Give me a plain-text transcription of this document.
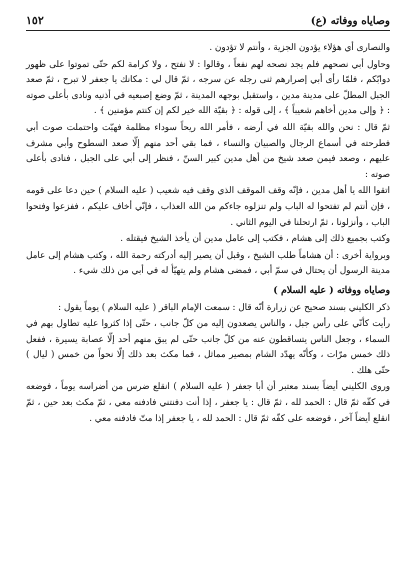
وصاياه ووفاته (ع)
١٥٢

والنصارى أي هؤلاء يؤدون الجزية ، وأنتم لا تؤدون .

وحاول أبي نصحهم فلم يجد نصحه لهم نفعاً ، وقالوا : لا نفتح ، ولا كرامة لكم حتّى تموتوا على ظهور دوابّكم ، فلمّا رأى أبي إصرارهم ثنى رجله عن سرجه ، ثمّ قال لي : مكانك يا جعفر لا تبرح ، ثمّ صعد الجبل المطلّ على مدينة مدين ، واستقبل بوجهه المدينة ، ثمّ وضع إصبعيه في أذنيه ونادى بأعلى صوته : ﴿ وإلى مدين أخاهم شعيباً ﴾ ، إلى قوله : ﴿ بقيّة الله خير لكم إن كنتم مؤمنين ﴾ .

ثمّ قال : نحن والله بقيّة الله في أرضه ، فأمر الله ريحاً سوداء مظلمة فهبّت واحتملت صوت أبي فطرحته في أسماع الرجال والصبيان والنساء ، فما بقي أحد منهم إلّا صعد السطوح وأبي مشرف عليهم ، وصعد فيمن صعد شيخ من أهل مدين كبير السنّ ، فنظر إلى أبي على الجبل ، فنادى بأعلى صوته :

اتقوا الله يا أهل مدين ، فإنّه وقف الموقف الذي وقف فيه شعيب ( عليه السلام ) حين دعا على قومه ، فإن أنتم لم تفتحوا له الباب ولم تنزلوه جاءكم من الله العذاب ، فإنّي أخاف عليكم ، ففزعوا وفتحوا الباب ، وأنزلونا ، ثمّ ارتحلنا في اليوم الثاني .

وكتب بجميع ذلك إلى هشام ، فكتب إلى عامل مدين أن يأخذ الشيخ فيقتله .

وبرواية أخرى : أن هشاماً طلب الشيخ ، وقبل أن يصير إليه أدركته رحمة الله ، وكتب هشام إلى عامل مدينة الرسول أن يحتال في سمّ أبي ، فمضى هشام ولم يتهيّأ له في أبي من ذلك شيء .

وصاياه ووفاته ( عليه السلام )

ذكر الكليني بسند صحيح عن زرارة أنّه قال : سمعت الإمام الباقر ( عليه السلام ) يوماً يقول :

رأيت كأنّي على رأس جبل ، والناس يصعدون إليه من كلّ جانب ، حتّى إذا كثروا عليه تطاول بهم في السماء ، وجعل الناس يتساقطون عنه من كلّ جانب حتّى لم يبق منهم أحد إلّا عصابة يسيرة ، ففعل ذلك خمس مرّات ، وكأنّه يهدّد الشام بمصير مماثل ، فما مكث بعد ذلك إلّا نحواً من خمس ( ليال ) حتّى هلك .

وروى الكليني أيضاً بسند معتبر أن أبا جعفر ( عليه السلام ) انقلع ضرس من أضراسه يوماً ، فوضعه في كفّه ثمّ قال : الحمد لله ، ثمّ قال : يا جعفر ، إذا أنت دفنتني فادفنه معي ، ثمّ مكث بعد حين ، ثمّ انقلع أيضاً آخر ، فوضعه على كفّه ثمّ قال : الحمد لله ، يا جعفر إذا متّ فادفنه معي .
